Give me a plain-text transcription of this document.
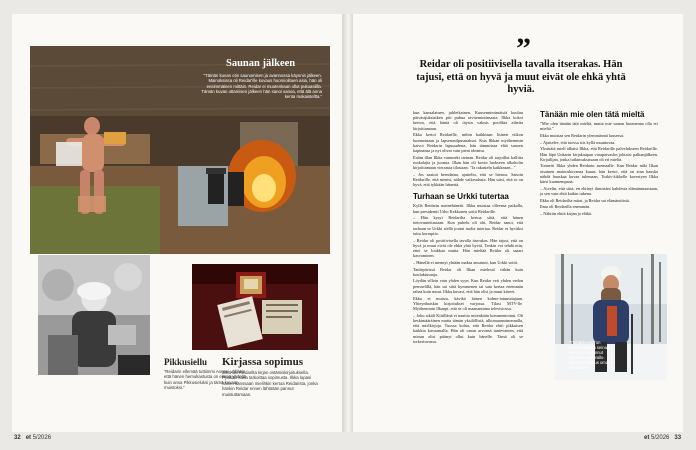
Saunan jälkeen
”Tämän kuvan otin saunomisen ja avannossa käynnin jälkeen. Mainoksissa oli Reidar'ille kuvaus huomioiltuen asia, hän oli ensimmäinen mittäin. Reidar ei muutenkaan ollut pukuasiilla. Tämän kuvan ottamisen jälkeen hän sanoi sanoa, että älä anna kenta mokaisteltta.”
Pikkusiellu
”Reidarin ellemää tuttiimmi Annnei vähitäin, että hänen hemukastusta on elämä yhdeltä kuin ansa Pikkusieluksi ja tämä kuvaan muistoksi.”
Kirjassa sopimus
Ilkka sai Reidarilta kirjan ostämiskirjoituksella. Pykälän kana tarkoittaa sopimusta. Ilkka lupasi hänen kanssaan mielihkin kertoa Reidarista, jonka hänkin Reidar ennen lähtöään pannut muistuttamaan.
32 et 5/2026
”
Reidar oli positiivisella tavalla itserakas. Hän tajusi, että on hyvä ja muut eivät ole ehkä yhtä hyviä.

kun kansalainen, juhleikainen. Kuusennimimäisiä kuuluu päivästjuksiaiken piti puhua ravitemintinsasta. Ilkka kokoi kertoa, että häntä oli täysin valmis poolikia aiheita kirjoittamaan.

Ilkka kertoi Reidarille, mihin kaikkiaan lisinen viikon luonnoinaan ja lapsenasilpusmaksoi. Kun Ilkkan myöhemmin kaivoi Reidarin lapsuudesta, hän tämmitsaa elää sanoen kapinansa ja nyt olivat vain pieni ideansa.

Erään illan Ilkka vammeki tarinan. Reidar oli tarjoillut kalliita ruokalajia ja juomia. Ilkan hän oli kovin luokseen alkoholin kirjoittamaan vieraasta tilastaan. ”Ja rakasteln kaikkeaan...”

– Jos saatoit berndatna, ajattelin, että se hienoa. Sanoin Reidarille, että menisi, nähde vaikeudasta. Hän saisi, että se on hyvä, että tykkään hänestä.

Turhaan se Urkki tutertaa

Kyllä Reidarin mainehänetti. Ilkka muistaa olleensa paikalla, kun presidentti Urho Kekkonen soitti Reidarille.

– Hän kysyi Reidarilta kertoa siitä, että hänen tietovunteitastaan. Kun puhelu oli ohi, Reidar sanoi, että turhaan se Urkki siellä joutui tuolta tutertaa. Reidar ei hyväksi tuttu korruptio.

– Reidar oli positiivisella tavalla itserakas. Hän tajusi, että on hyvä ja muut eivät ole ehkä yhtä hyviä. Tenkin voi tehdä niin, ettei se loukkaa mutta. Hän mieltää Reidar oli saaari kasvaminen.

– Hänellä ei mennyt yhtään maksa ansainni, kun Urkki soitti.

Taidepiirissä Reidar oli Ilkan mielestä vähän kuin koulukiusaaja.

Löydän silloin vain yhden syyn. Kun Reidar veti yhden vedon pensselillä, hän sai siitä kymmenen tai sata kertaa enemmän rahaa kuin muut. Ilkka kuvasi, että hän olisi ja muut kiireet.

Ilkka ei muista, kävikö hänen kolme-iatunuttajaan. Yhteynhaiskin kirjoitukset varjossa. Tilasi MTV-lle. Myöhemmin Ilkanpi, että se oli maanantaina televisiossa.

– Joku sikäli Kiitillänä ei nauttia mitenkään kommentoinut. Oli keskimääräinen mutta tämän yksilöllistä, ulkomaamainonnalla, että mielkirjoja. Tuossa kohta, että Reidar ehtii pikkuisen kaikkia kuvaamalla. Hän oli oman arvonsa tuntevainen, että minun olisi pitänyt ollut kuin hänelle. Tämä oli se torkertuvassa.

Tänään mie olen tätä mieltä

”Mie olen tänään tätä mieltä, mutta mie saatan huomenna olla eri mieltä.”

Ilkka muistaa sen Reidarin ylemmäsmä lausessa.

– Ajattelee, että tuossa siis kyllä muuttuvaa.

Yksittäiä mieli alkaisi Ilkka, että Reidarille palvelukseen Reidarille. Hän läpä Unkarin kirjakaupan varapaivaslin johtaisi palkanjälkeen. Kirjailijan, jonka tutkimuksissaan oli eri mieltä.

Tonneiti Ilkka yhden Reidarin asemaalle. Kun Reidar näki Ilkan otsainen mainoskuvansa kauas, hän kertoi, että on aina hauska nähdä hauskaa kuvaa tulemaan. Turkis-kikkelle kaveriyen Ilkka kärsi kuumempana.

– Aivelin, että siitä, en ehtinyt ihmisiäni kahdesta elämänmaastaan, ja sen vain ehtä kaikin tukena.

Ilkka oli Reidarilta mitat, ja Reidar sai elämäntöistä.

Ilma oli Reidarilla enemmän.

– Nähtiin ehtiä kirjan ja eläkä.

”Tämänkuvan on ensimmäisesä seinalla. Reidar ei halunnut hymyillä kameralle. Hän kuvailemus omaa loottojaan.”
et 5/2026 33
